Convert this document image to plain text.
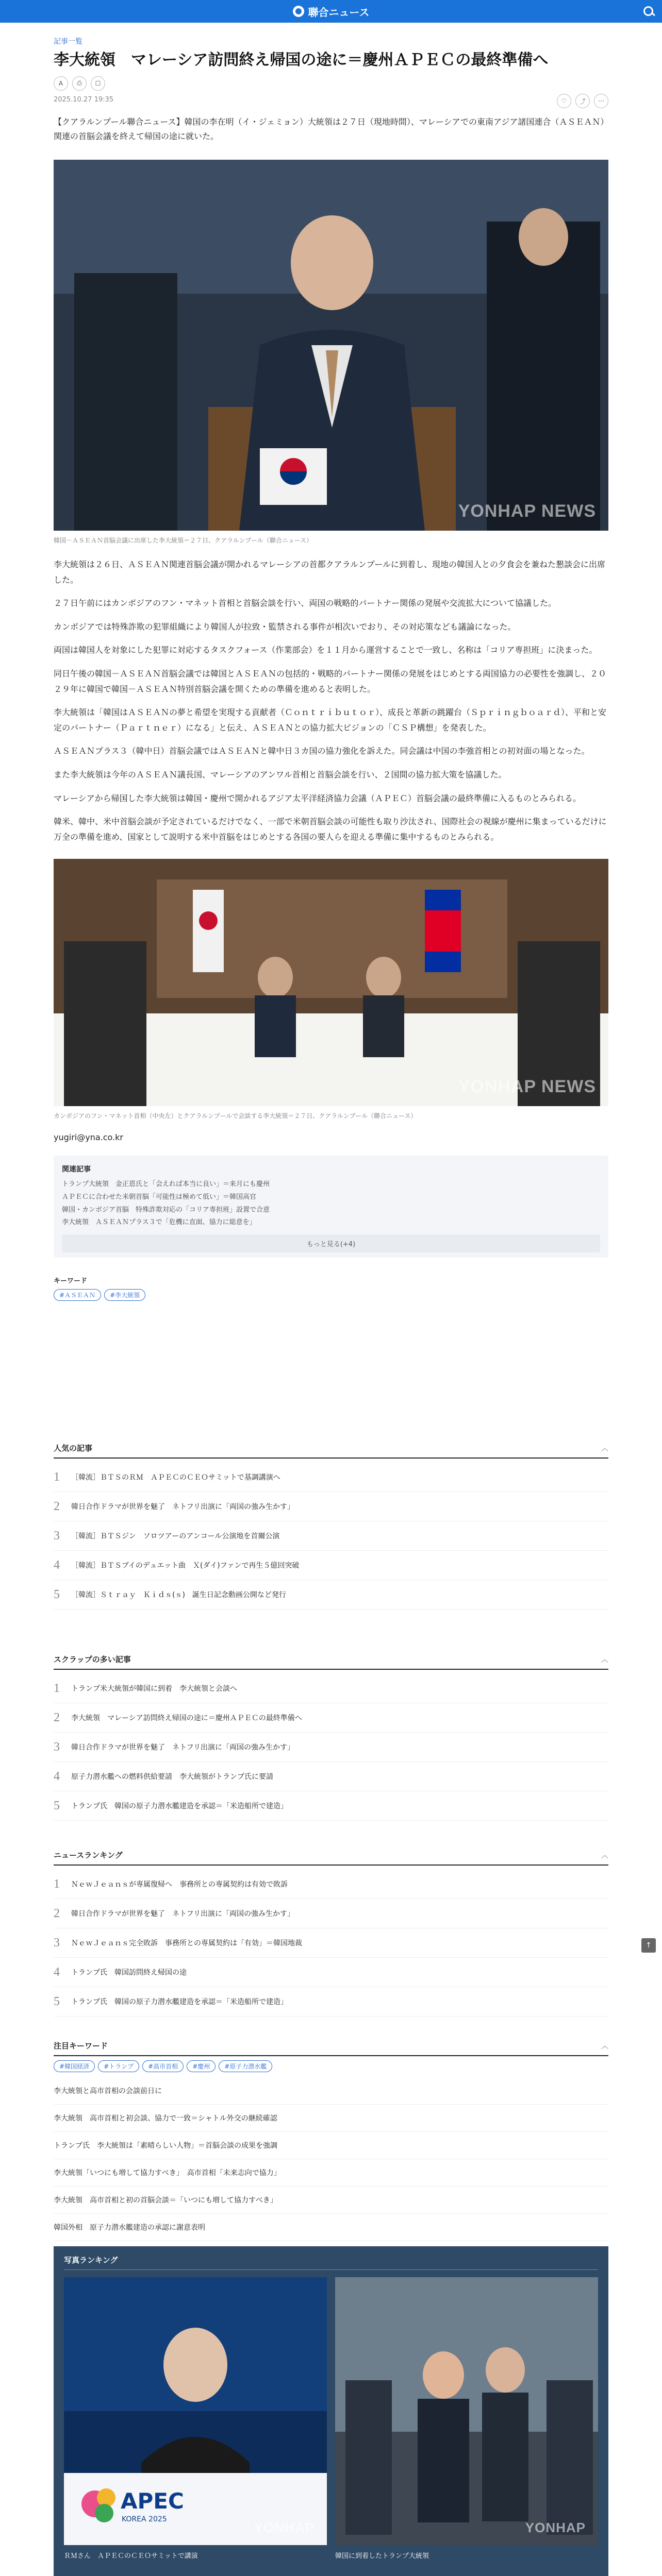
聯合ニュース
記事一覧
李大統領　マレーシア訪問終え帰国の途に＝慶州ＡＰＥＣの最終準備へ
A	⎙	☐
♡	⤴	⋯
2025.10.27 19:35
【クアラルンプール聯合ニュース】韓国の李在明（イ・ジェミョン）大統領は２７日（現地時間）、マレーシアでの東南アジア諸国連合（ＡＳＥＡＮ）関連の首脳会議を終えて帰国の途に就いた。
YONHAP NEWS
韓国－ＡＳＥＡＮ首脳会議に出席した李大統領＝２７日、クアラルンプール（聯合ニュース）

李大統領は２６日、ＡＳＥＡＮ関連首脳会議が開かれるマレーシアの首都クアラルンプールに到着し、現地の韓国人との夕食会を兼ねた懇談会に出席した。

２７日午前にはカンボジアのフン・マネット首相と首脳会談を行い、両国の戦略的パートナー関係の発展や交流拡大について協議した。

カンボジアでは特殊詐欺の犯罪組織により韓国人が拉致・監禁される事件が相次いでおり、その対応策なども議論になった。

両国は韓国人を対象にした犯罪に対応するタスクフォース（作業部会）を１１月から運営することで一致し、名称は「コリア専担班」に決まった。

同日午後の韓国－ＡＳＥＡＮ首脳会議では韓国とＡＳＥＡＮの包括的・戦略的パートナー関係の発展をはじめとする両国協力の必要性を強調し、２０２９年に韓国で韓国－ＡＳＥＡＮ特別首脳会議を開くための準備を進めると表明した。

李大統領は「韓国はＡＳＥＡＮの夢と希望を実現する貢献者（Ｃｏｎｔｒｉｂｕｔｏｒ）、成長と革新の跳躍台（Ｓｐｒｉｎｇｂｏａｒｄ）、平和と安定のパートナー（Ｐａｒｔｎｅｒ）になる」と伝え、ＡＳＥＡＮとの協力拡大ビジョンの「ＣＳＰ構想」を発表した。

ＡＳＥＡＮプラス３（韓中日）首脳会議ではＡＳＥＡＮと韓中日３カ国の協力強化を訴えた。同会議は中国の李強首相との初対面の場となった。

また李大統領は今年のＡＳＥＡＮ議長国、マレーシアのアンワル首相と首脳会談を行い、２国間の協力拡大策を協議した。

マレーシアから帰国した李大統領は韓国・慶州で開かれるアジア太平洋経済協力会議（ＡＰＥＣ）首脳会議の最終準備に入るものとみられる。

韓米、韓中、米中首脳会談が予定されているだけでなく、一部で米朝首脳会談の可能性も取り沙汰され、国際社会の視線が慶州に集まっているだけに万全の準備を進め、国家として説明する米中首脳をはじめとする各国の要人らを迎える準備に集中するものとみられる。

YONHAP NEWS
カンボジアのフン・マネット首相（中央左）とクアラルンプールで会談する李大統領＝２７日、クアラルンプール（聯合ニュース）
yugiri@yna.co.kr
関連記事
トランプ大統領　金正恩氏と「会えれば本当に良い」＝来月にも慶州
ＡＰＥＣに合わせた米朝首脳「可能性は極めて低い」＝韓国高官
韓国・カンボジア首脳　特殊詐欺対応の「コリア専担班」設置で合意
李大統領　ＡＳＥＡＮプラス３で「危機に直面、協力に総意を」
もっと見る(+4)
キーワード
#ＡＳＥＡＮ	#李大統領
人気の記事	︿
1	［韓流］ＢＴＳのＲＭ　ＡＰＥＣのＣＥＯサミットで基調講演へ
2	韓日合作ドラマが世界を魅了　ネトフリ出演に「両国の強み生かす」
3	［韓流］ＢＴＳジン　ソロツアーのアンコール公演地を首爾公演
4	［韓流］ＢＴＳブイのデュエット曲　Ｘ(ダイ)ファンで再生５億回突破
5	［韓流］Ｓｔｒａｙ　Ｋｉｄｓ(ｓ)　誕生日記念動画公開など発行
スクラップの多い記事	︿
1	トランプ米大統領が韓国に到着　李大統領と会談へ
2	李大統領　マレーシア訪問終え帰国の途に＝慶州ＡＰＥＣの最終準備へ
3	韓日合作ドラマが世界を魅了　ネトフリ出演に「両国の強み生かす」
4	原子力潜水艦への燃料供給要請　李大統領がトランプ氏に要請
5	トランプ氏　韓国の原子力潜水艦建造を承認＝「米造船所で建造」
ニュースランキング	︿
1	ＮｅｗＪｅａｎｓが専属復帰へ　事務所との専属契約は有効で敗訴
2	韓日合作ドラマが世界を魅了　ネトフリ出演に「両国の強み生かす」
3	ＮｅｗＪｅａｎｓ完全敗訴　事務所との専属契約は「有効」＝韓国地裁
4	トランプ氏　韓国訪問終え帰国の途
5	トランプ氏　韓国の原子力潜水艦建造を承認＝「米造船所で建造」
↑
注目キーワード	︿
#韓国経済	#トランプ	#高市首相	#慶州	#原子力潜水艦
李大統領と高市首相の会談前日に
李大統領　高市首相と初会談、協力で一致＝シャトル外交の継続確認
トランプ氏　李大統領は「素晴らしい人物」＝首脳会談の成果を強調
李大統領「いつにも増して協力すべき」　高市首相「未来志向で協力」
李大統領　高市首相と初の首脳会談＝「いつにも増して協力すべき」
韓国外相　原子力潜水艦建造の承認に謝意表明
写真ランキング
APEC
KOREA 2025
YONHAP
ＲＭさん　ＡＰＥＣのＣＥＯサミットで講演
YONHAP
韓国に到着したトランプ大統領
